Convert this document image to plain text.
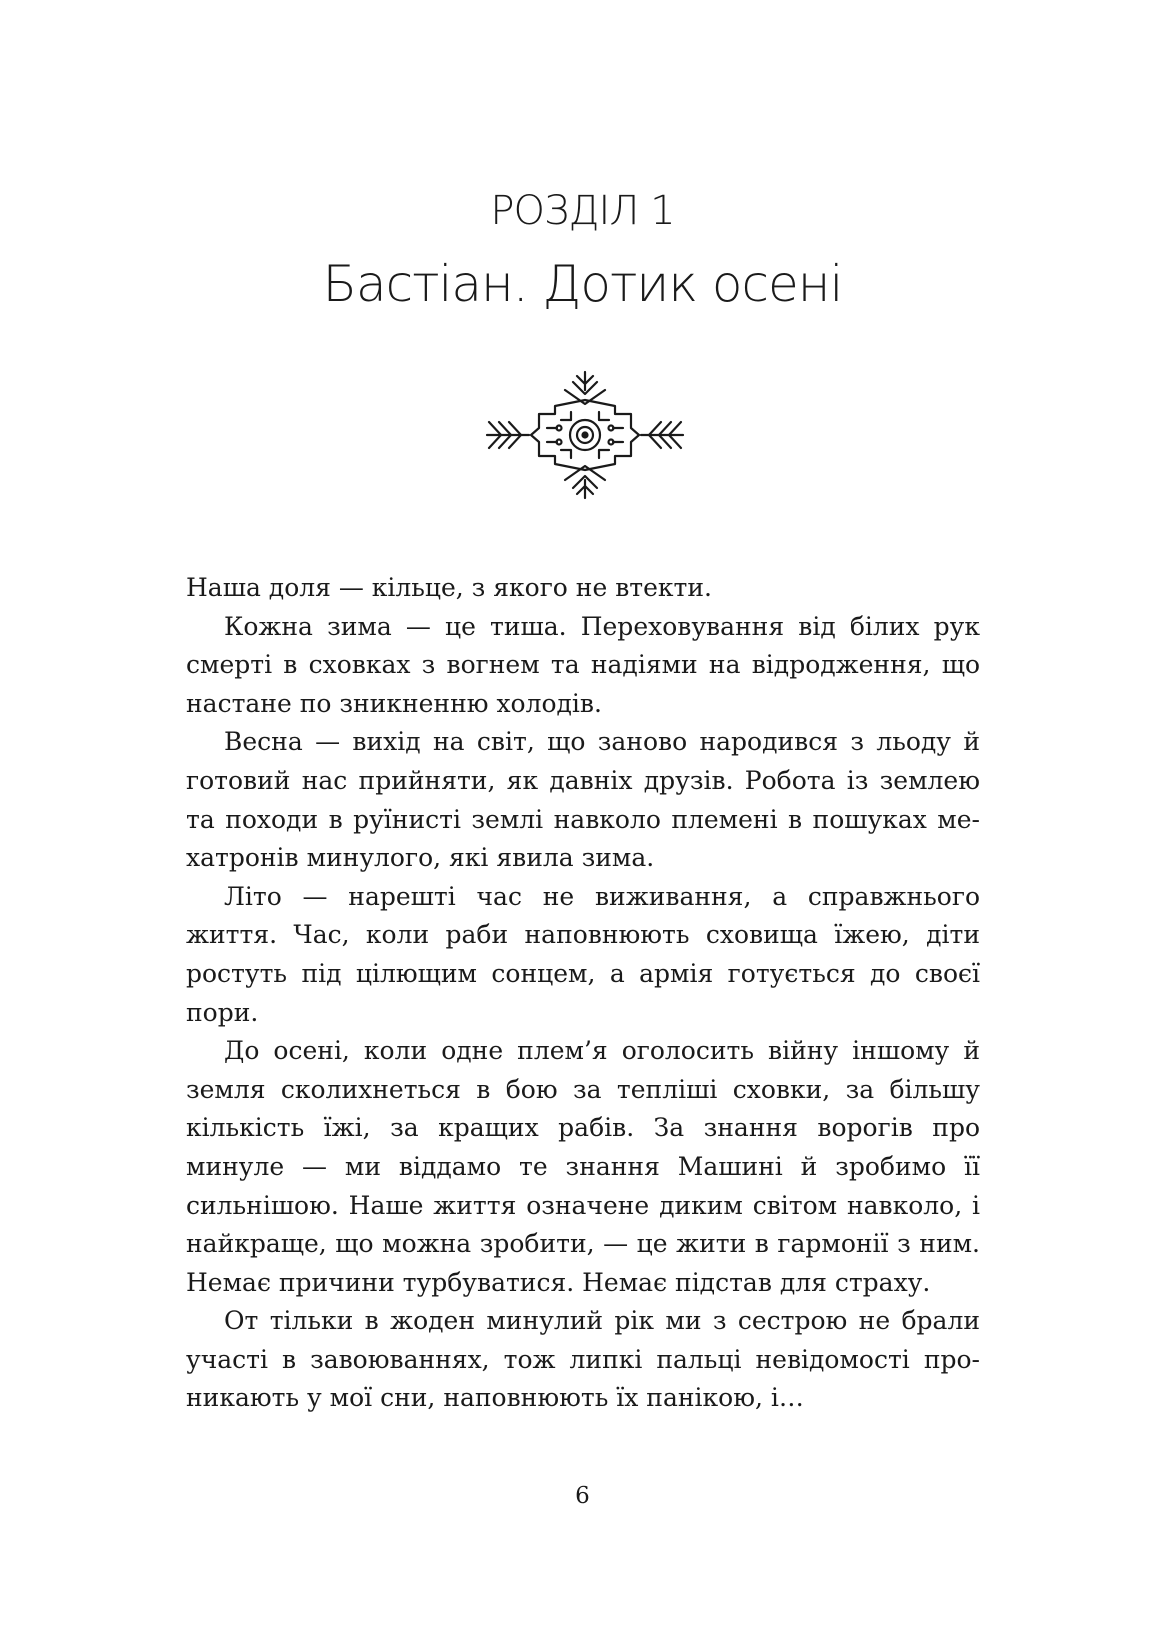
РОЗДІЛ 1
Бастіан. Дотик осені

Наша доля — кільце, з якого не втекти.

Кожна зима — це тиша. Переховування від білих рук смерті в сховках з вогнем та надіями на відродження, що настане по зникненню холодів.

Весна — вихід на світ, що заново народився з льоду й готовий нас прийняти, як давніх друзів. Робота із землею та походи в руїнисті землі навколо племені в пошуках мехатронів минулого, які явила зима.

Літо — нарешті час не виживання, а справжнього життя. Час, коли раби наповнюють сховища їжею, діти ростуть під цілющим сонцем, а армія готується до своєї пори.

До осені, коли одне плем’я оголосить війну іншому й земля сколихнеться в бою за тепліші сховки, за більшу кількість їжі, за кращих рабів. За знання ворогів про минуле — ми віддамо те знання Машині й зробимо її сильнішою. Наше життя означене диким світом навколо, і найкраще, що можна зробити, — це жити в гармонії з ним. Немає причини турбуватися. Немає підстав для страху.

От тільки в жоден минулий рік ми з сестрою не брали участі в завоюваннях, тож липкі пальці невідомості проникають у мої сни, наповнюють їх панікою, і…

6
